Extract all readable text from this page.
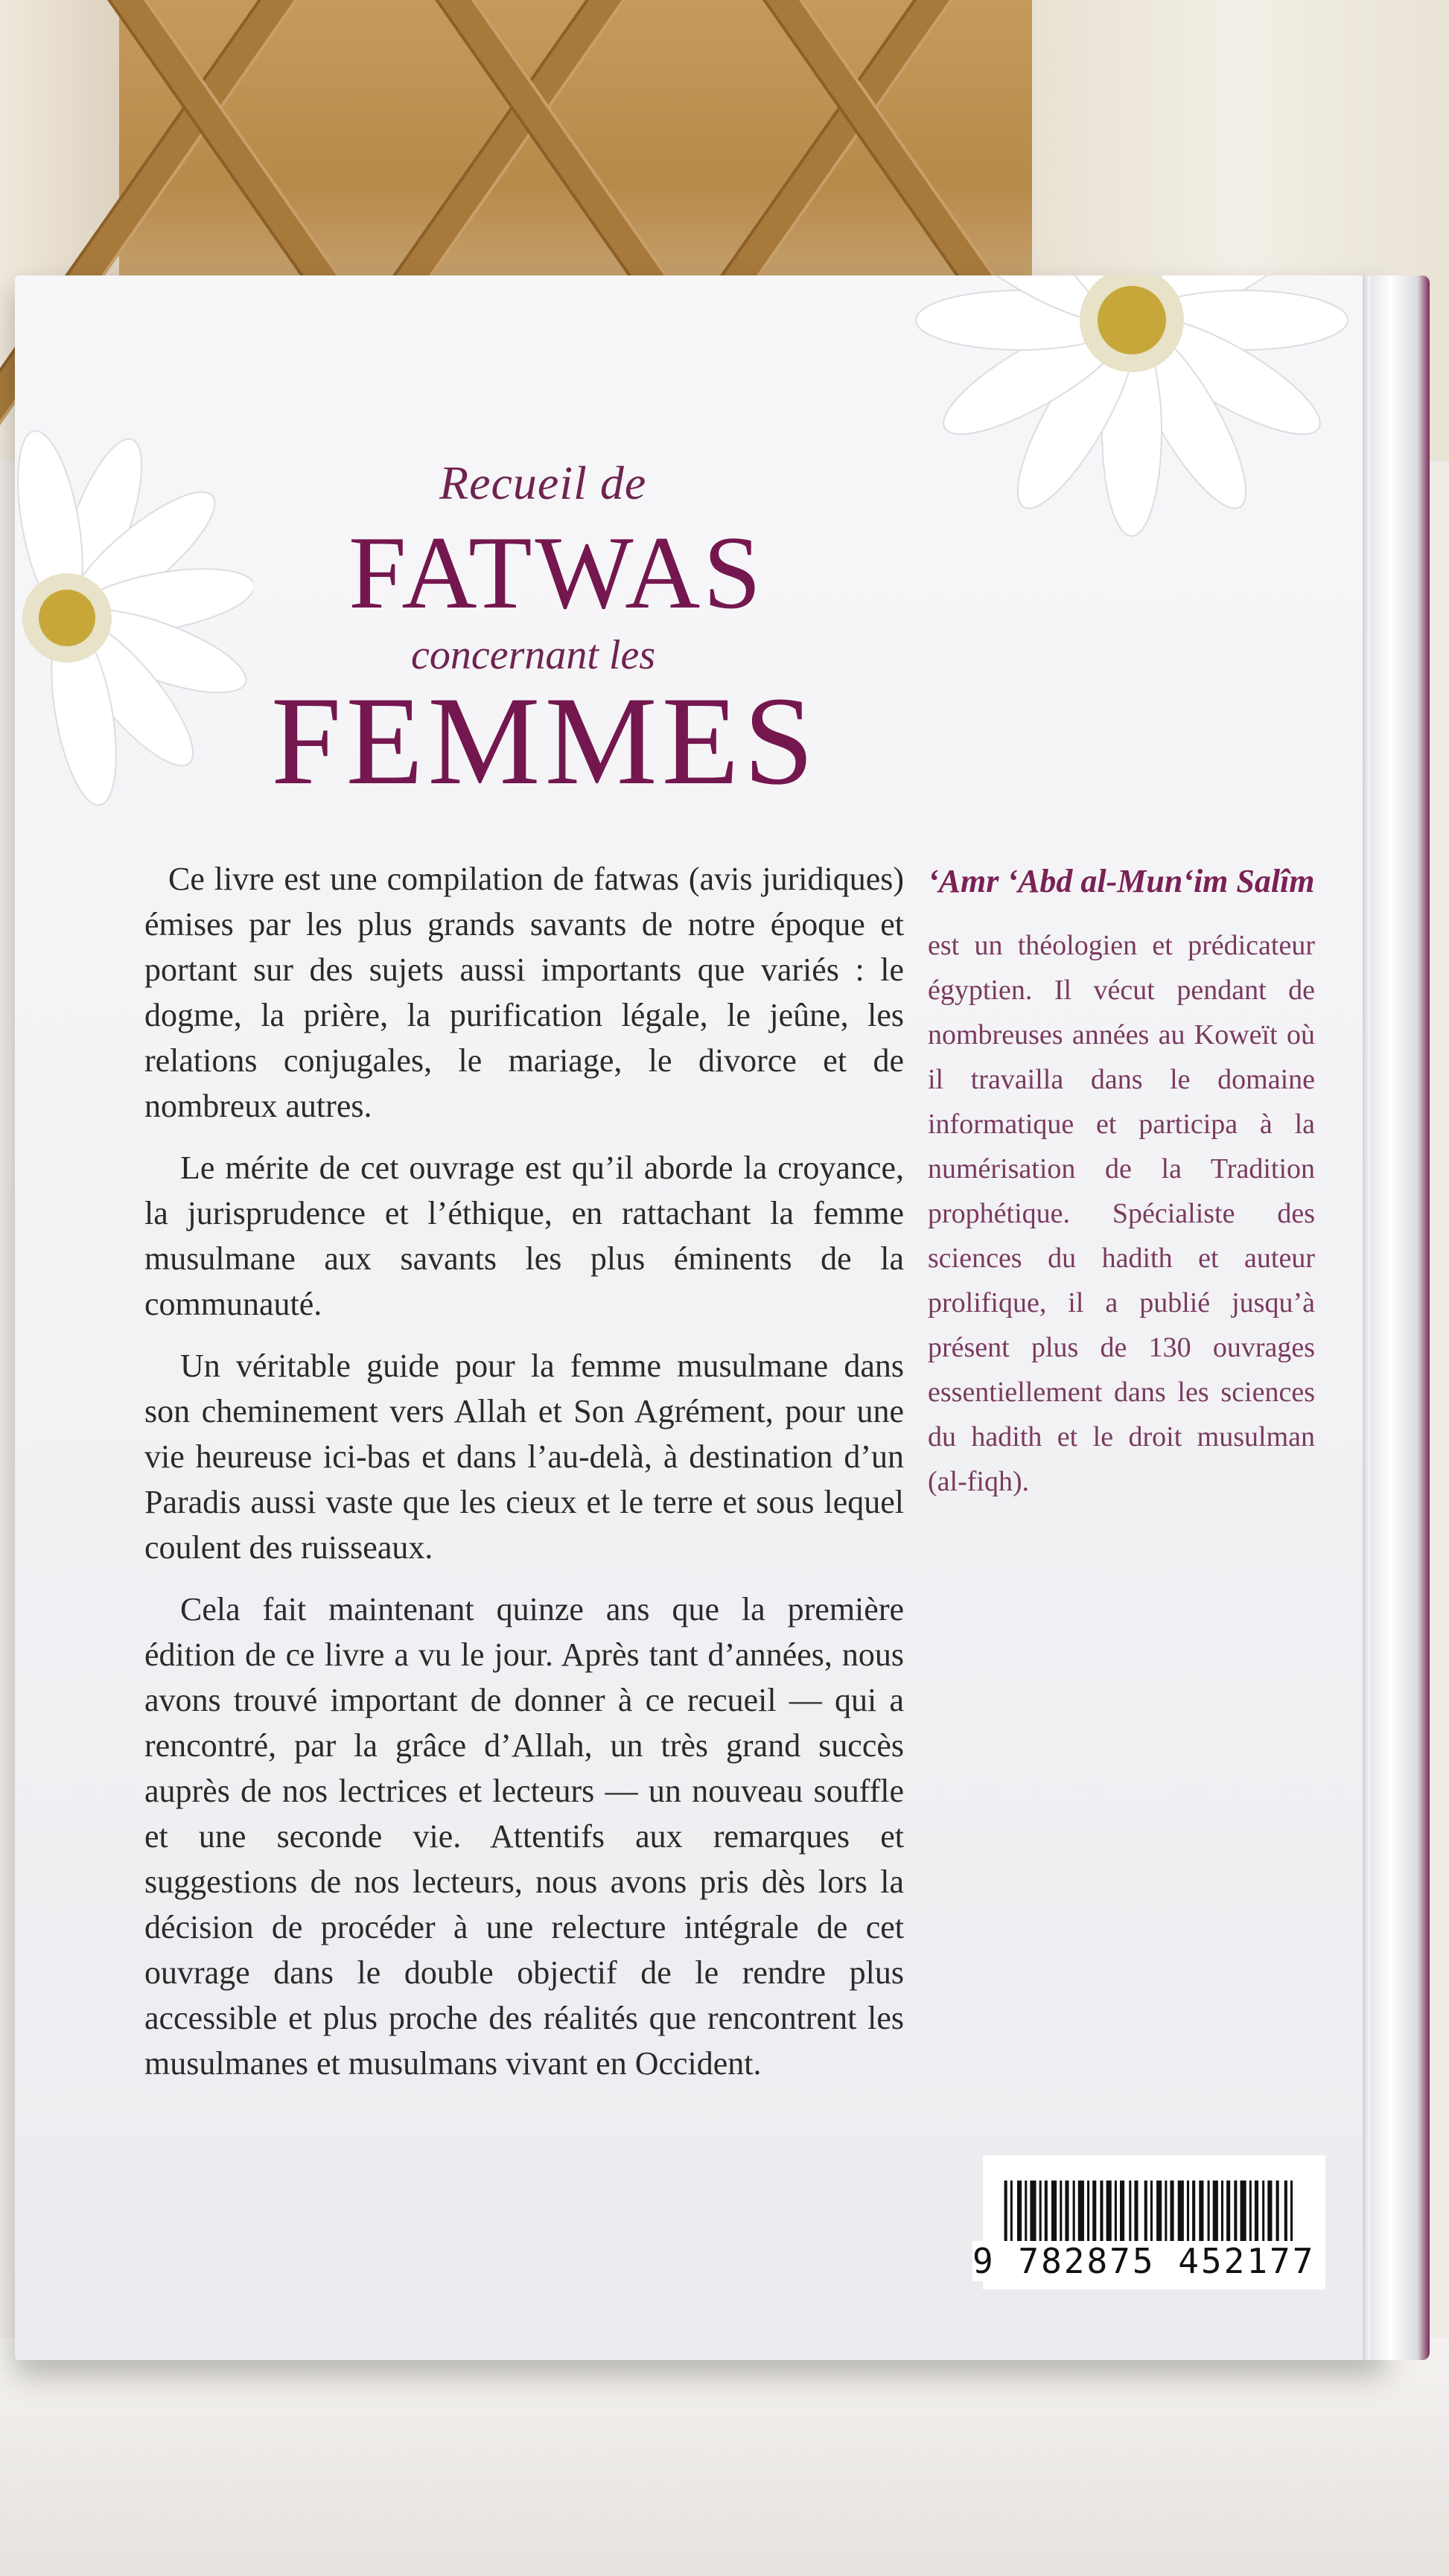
Recueil de
FATWAS
concernant les
FEMMES

Ce livre est une compilation de fatwas (avis juridiques) émises par les plus grands savants de notre époque et portant sur des sujets aussi importants que variés : le dogme, la prière, la purification légale, le jeûne, les relations conjugales, le mariage, le divorce et de nombreux autres.

Le mérite de cet ouvrage est qu’il aborde la croyance, la jurisprudence et l’éthique, en rattachant la femme musulmane aux savants les plus éminents de la communauté.

Un véritable guide pour la femme musulmane dans son cheminement vers Allah et Son Agrément, pour une vie heureuse ici-bas et dans l’au-delà, à destination d’un Paradis aussi vaste que les cieux et le terre et sous lequel coulent des ruisseaux.

Cela fait maintenant quinze ans que la première édition de ce livre a vu le jour. Après tant d’années, nous avons trouvé important de donner à ce recueil — qui a rencontré, par la grâce d’Allah, un très grand succès auprès de nos lectrices et lecteurs — un nouveau souffle et une seconde vie. Attentifs aux remarques et suggestions de nos lecteurs, nous avons pris dès lors la décision de procéder à une relecture intégrale de cet ouvrage dans le double objectif de le rendre plus accessible et plus proche des réalités que rencontrent les musulmanes et musulmans vivant en Occident.

‘Amr ‘Abd al-Mun‘im Salîm
est un théologien et prédicateur égyptien. Il vécut pendant de nombreuses années au Koweït où il travailla dans le domaine informatique et participa à la numérisation de la Tradition prophétique. Spécialiste des sciences du hadith et auteur prolifique, il a publié jusqu’à présent plus de 130 ouvrages essentiellement dans les sciences du hadith et le droit musulman (al-fiqh).
9 782875 452177
